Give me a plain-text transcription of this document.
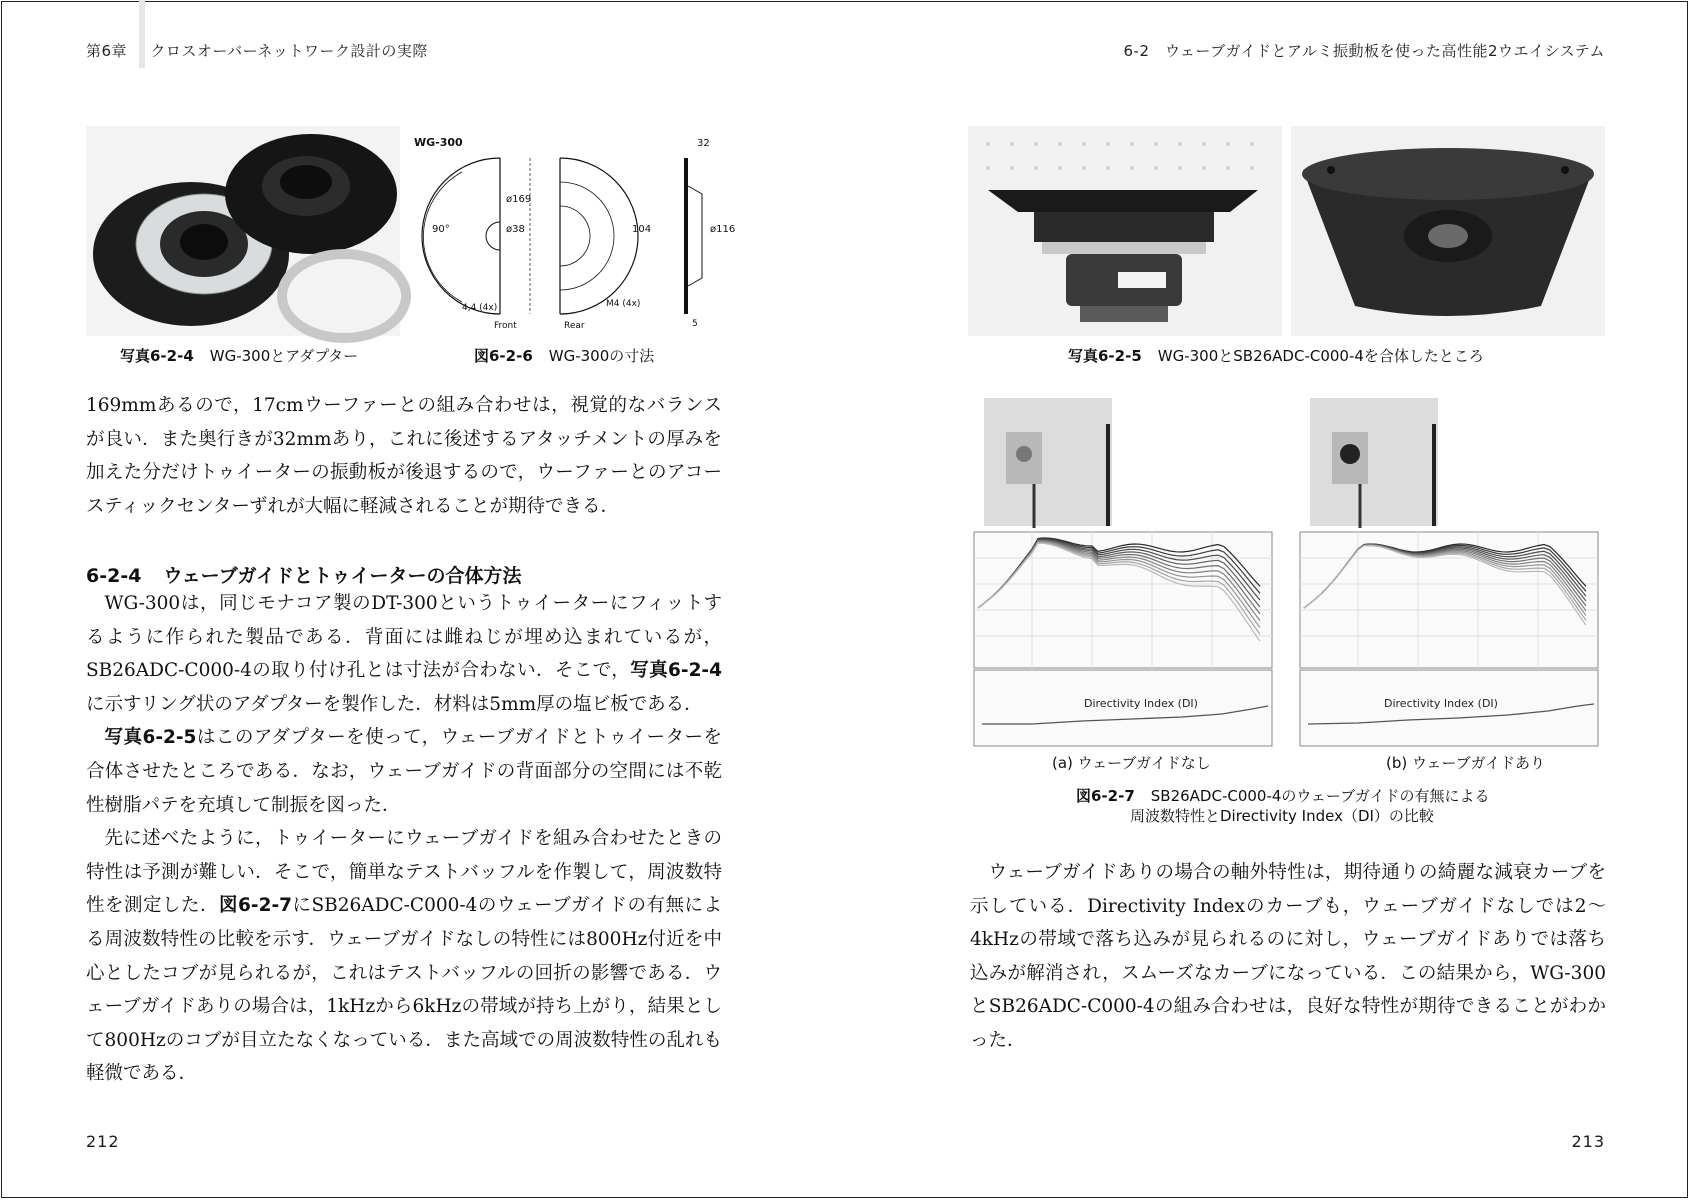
第6章 クロスオーバーネットワーク設計の実際	6-2　ウェーブガイドとアルミ振動板を使った高性能2ウエイシステム
WG-300
90°
ø169
ø38
4,4 (4x)
Front	Rear
M4 (4x)
104
32
ø116
5
写真6-2-4 WG-300とアダプター	図6-2-6 WG-300の寸法

169mmあるので，17cmウーファーとの組み合わせは，視覚的なバランスが良い．また奥行きが32mmあり，これに後述するアタッチメントの厚みを加えた分だけトゥイーターの振動板が後退するので，ウーファーとのアコースティックセンターずれが大幅に軽減されることが期待できる．

6-2-4 ウェーブガイドとトゥイーターの合体方法

WG-300は，同じモナコア製のDT-300というトゥイーターにフィットするように作られた製品である．背面には雌ねじが埋め込まれているが，SB26ADC-C000-4の取り付け孔とは寸法が合わない．そこで，写真6-2-4に示すリング状のアダプターを製作した．材料は5mm厚の塩ビ板である．

写真6-2-5はこのアダプターを使って，ウェーブガイドとトゥイーターを合体させたところである．なお，ウェーブガイドの背面部分の空間には不乾性樹脂パテを充填して制振を図った．

先に述べたように，トゥイーターにウェーブガイドを組み合わせたときの特性は予測が難しい．そこで，簡単なテストバッフルを作製して，周波数特性を測定した．図6-2-7にSB26ADC-C000-4のウェーブガイドの有無による周波数特性の比較を示す．ウェーブガイドなしの特性には800Hz付近を中心としたコブが見られるが，これはテストバッフルの回折の影響である．ウェーブガイドありの場合は，1kHzから6kHzの帯域が持ち上がり，結果として800Hzのコブが目立たなくなっている．また高域での周波数特性の乱れも軽微である．

212
写真6-2-5 WG-300とSB26ADC-C000-4を合体したところ
Directivity Index (DI)	Directivity Index (DI)
(a) ウェーブガイドなし	(b) ウェーブガイドあり
図6-2-7 SB26ADC-C000-4のウェーブガイドの有無による
周波数特性とDirectivity Index（DI）の比較

ウェーブガイドありの場合の軸外特性は，期待通りの綺麗な減衰カーブを示している．Directivity Indexのカーブも，ウェーブガイドなしでは2～4kHzの帯域で落ち込みが見られるのに対し，ウェーブガイドありでは落ち込みが解消され，スムーズなカーブになっている．この結果から，WG-300とSB26ADC-C000-4の組み合わせは，良好な特性が期待できることがわかった．

213
